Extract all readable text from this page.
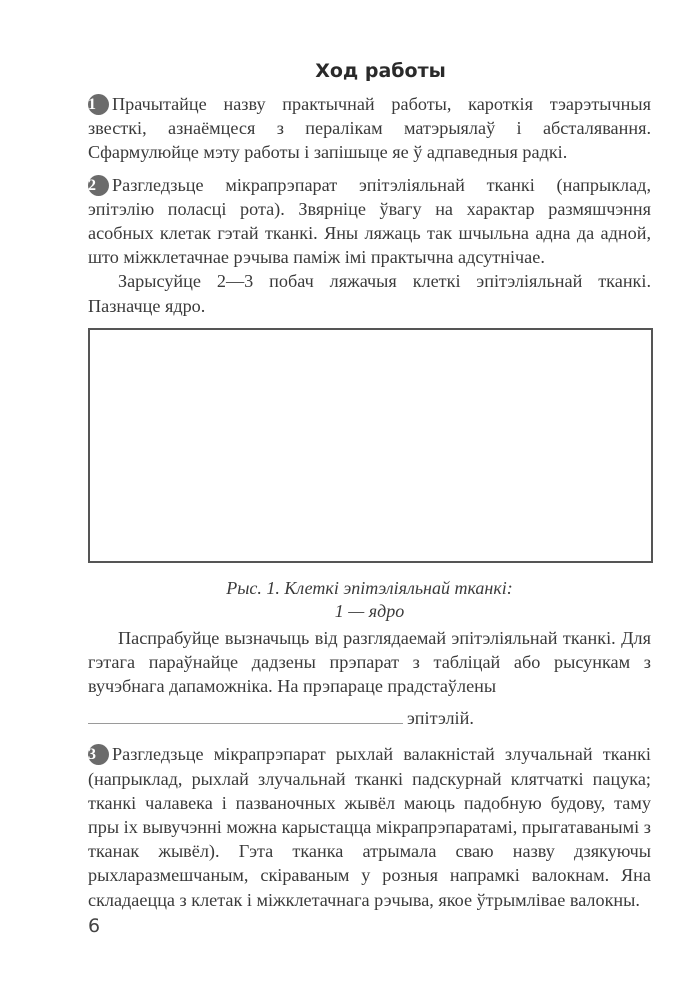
Ход работы

1 Прачытайце назву практычнай работы, кароткія тэарэтычныя звесткі, азнаёмцеся з пералікам матэрыялаў і абсталявання. Сфармулюйце мэту работы і запішыце яе ў адпаведныя радкі.

2 Разгледзьце мікрапрэпарат эпітэліяльнай тканкі (напрыклад, эпітэлію поласці рота). Звярніце ўвагу на характар размяшчэння асобных клетак гэтай тканкі. Яны ляжаць так шчыльна адна да адной, што міжклетачнае рэчыва паміж імі практычна адсутнічае.

Зарысуйце 2—3 побач ляжачыя клеткі эпітэліяльнай тканкі. Пазначце ядро.

Рыс. 1. Клеткі эпітэліяльнай тканкі:

1 — ядро

Паспрабуйце вызначыць від разглядаемай эпітэліяльнай тканкі. Для гэтага параўнайце дадзены прэпарат з табліцай або рысункам з вучэбнага дапаможніка. На прэпараце прадстаўлены

эпітэлій.

3 Разгледзьце мікрапрэпарат рыхлай валакністай злучальнай тканкі (напрыклад, рыхлай злучальнай тканкі падскурнай клятчаткі пацука; тканкі чалавека і пазваночных жывёл маюць падобную будову, таму пры іх вывучэнні можна карыстацца мікрапрэпаратамі, прыгатаванымі з тканак жывёл). Гэта тканка атрымала сваю назву дзякуючы рыхларазмешчаным, скіраваным у розныя напрамкі валокнам. Яна складаецца з клетак і міжклетачнага рэчыва, якое ўтрымлівае валокны.

6
